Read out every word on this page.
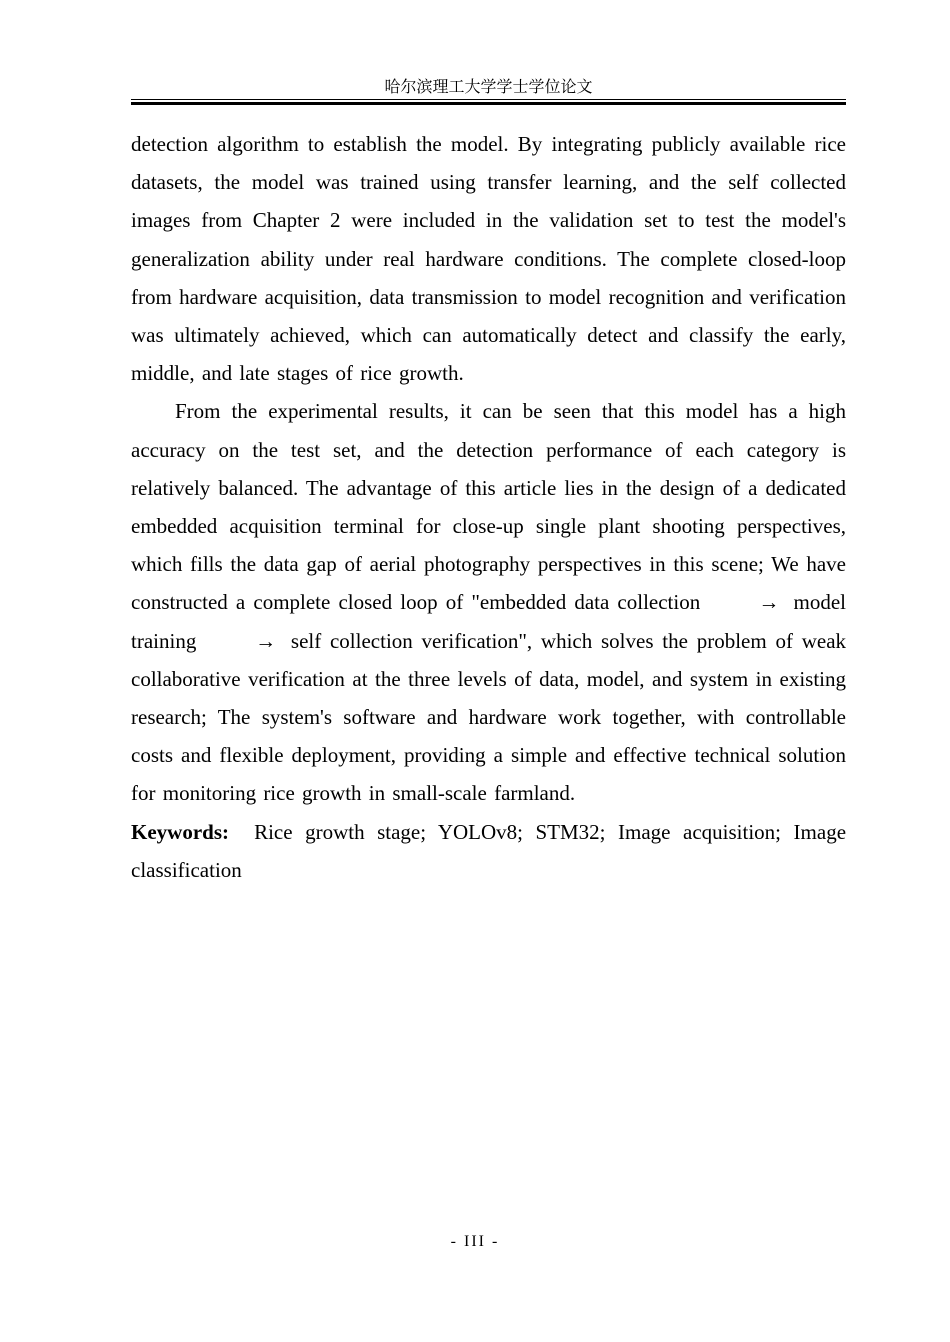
哈尔滨理工大学学士学位论文

detection algorithm to establish the model. By integrating publicly available rice datasets, the model was trained using transfer learning, and the self collected images from Chapter 2 were included in the validation set to test the model's generalization ability under real hardware conditions. The complete closed-loop from hardware acquisition, data transmission to model recognition and verification was ultimately achieved, which can automatically detect and classify the early, middle, and late stages of rice growth.

From the experimental results, it can be seen that this model has a high accuracy on the test set, and the detection performance of each category is relatively balanced. The advantage of this article lies in the design of a dedicated embedded acquisition terminal for close-up single plant shooting perspectives, which fills the data gap of aerial photography perspectives in this scene; We have constructed a complete closed loop of "embedded data collection	→ model training	→ self collection verification", which solves the problem of weak collaborative verification at the three levels of data, model, and system in existing research; The system's software and hardware work together, with controllable costs and flexible deployment, providing a simple and effective technical solution for monitoring rice growth in small-scale farmland.

Keywords: Rice growth stage; YOLOv8; STM32; Image acquisition; Image classification

- III -
